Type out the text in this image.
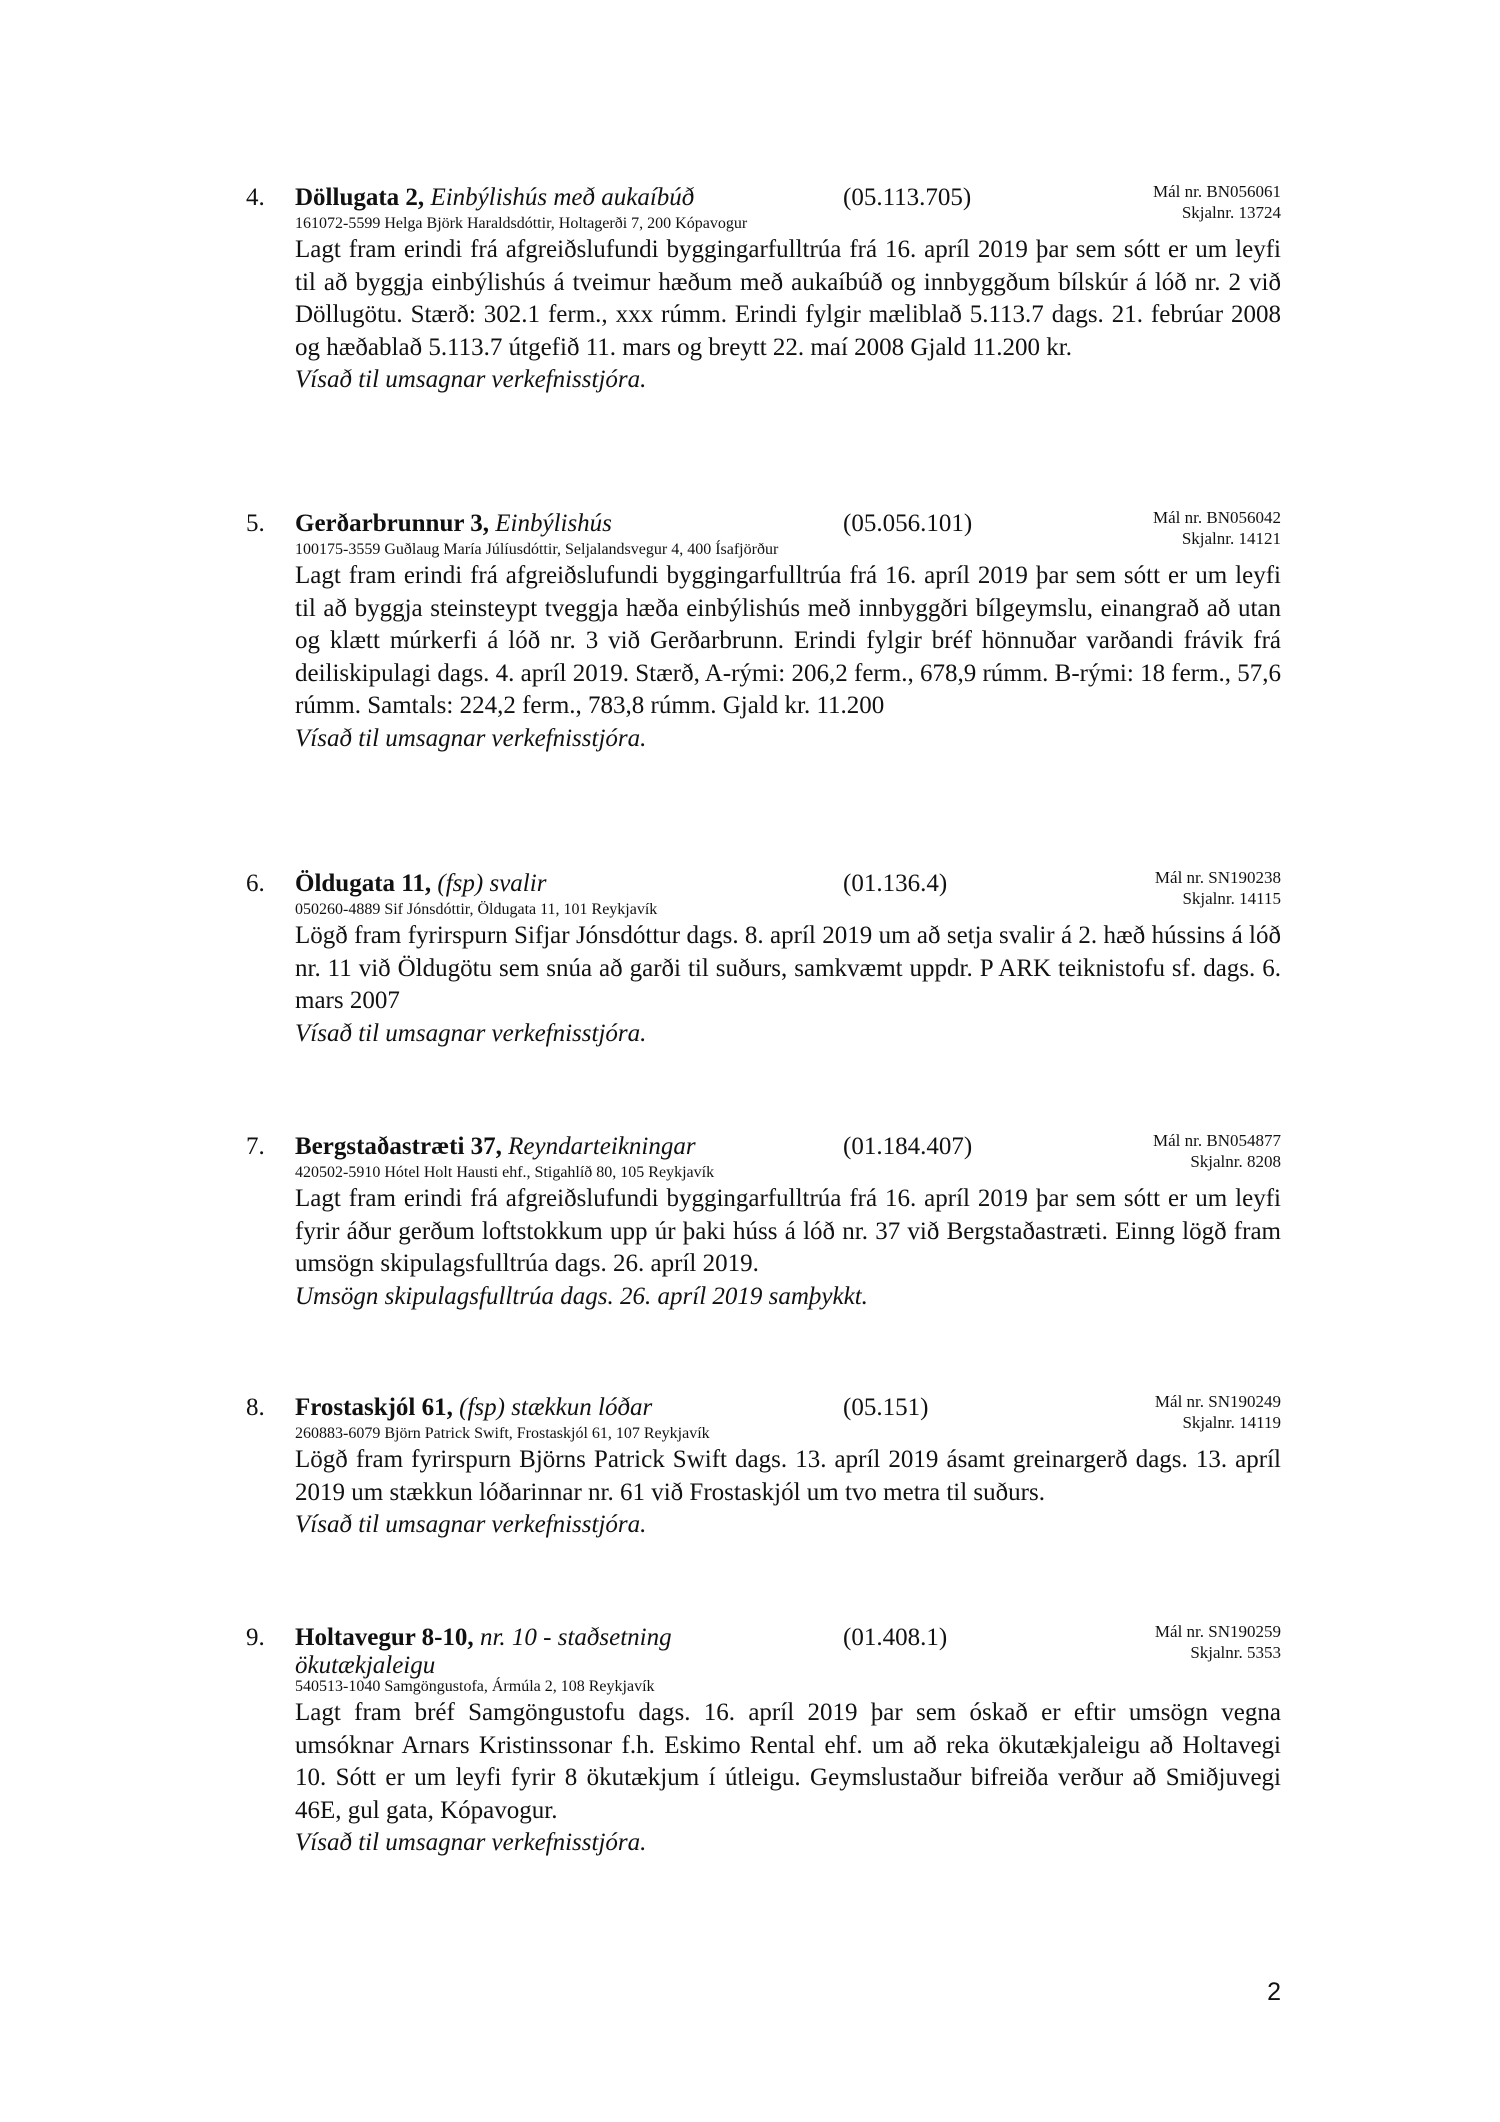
4. Döllugata 2, Einbýlishús með aukaíbúð	(05.113.705)	Mál nr. BN056061
Skjalnr. 13724
161072-5599 Helga Björk Haraldsdóttir, Holtagerði 7, 200 Kópavogur

Lagt fram erindi frá afgreiðslufundi byggingarfulltrúa frá 16. apríl 2019 þar sem sótt er um leyfi til að byggja einbýlishús á tveimur hæðum með aukaíbúð og innbyggðum bílskúr á lóð nr. 2 við Döllugötu. Stærð: 302.1 ferm., xxx rúmm. Erindi fylgir mæliblað 5.113.7 dags. 21. febrúar 2008 og hæðablað 5.113.7 útgefið 11. mars og breytt 22. maí 2008 Gjald 11.200 kr.

Vísað til umsagnar verkefnisstjóra.
5. Gerðarbrunnur 3, Einbýlishús	(05.056.101)	Mál nr. BN056042
Skjalnr. 14121
100175-3559 Guðlaug María Júlíusdóttir, Seljalandsvegur 4, 400 Ísafjörður

Lagt fram erindi frá afgreiðslufundi byggingarfulltrúa frá 16. apríl 2019 þar sem sótt er um leyfi til að byggja steinsteypt tveggja hæða einbýlishús með innbyggðri bílgeymslu, einangrað að utan og klætt múrkerfi á lóð nr. 3 við Gerðarbrunn. Erindi fylgir bréf hönnuðar varðandi frávik frá deiliskipulagi dags. 4. apríl 2019. Stærð, A-rými: 206,2 ferm., 678,9 rúmm. B-rými: 18 ferm., 57,6 rúmm. Samtals: 224,2 ferm., 783,8 rúmm. Gjald kr. 11.200

Vísað til umsagnar verkefnisstjóra.
6. Öldugata 11, (fsp) svalir	(01.136.4)	Mál nr. SN190238
Skjalnr. 14115
050260-4889 Sif Jónsdóttir, Öldugata 11, 101 Reykjavík

Lögð fram fyrirspurn Sifjar Jónsdóttur dags. 8. apríl 2019 um að setja svalir á 2. hæð hússins á lóð nr. 11 við Öldugötu sem snúa að garði til suðurs, samkvæmt uppdr. P ARK teiknistofu sf. dags. 6. mars 2007

Vísað til umsagnar verkefnisstjóra.
7. Bergstaðastræti 37, Reyndarteikningar	(01.184.407)	Mál nr. BN054877
Skjalnr. 8208
420502-5910 Hótel Holt Hausti ehf., Stigahlíð 80, 105 Reykjavík

Lagt fram erindi frá afgreiðslufundi byggingarfulltrúa frá 16. apríl 2019 þar sem sótt er um leyfi fyrir áður gerðum loftstokkum upp úr þaki húss á lóð nr. 37 við Bergstaðastræti. Einng lögð fram umsögn skipulagsfulltrúa dags. 26. apríl 2019.

Umsögn skipulagsfulltrúa dags. 26. apríl 2019 samþykkt.
8. Frostaskjól 61, (fsp) stækkun lóðar	(05.151)	Mál nr. SN190249
Skjalnr. 14119
260883-6079 Björn Patrick Swift, Frostaskjól 61, 107 Reykjavík

Lögð fram fyrirspurn Björns Patrick Swift dags. 13. apríl 2019 ásamt greinargerð dags. 13. apríl 2019 um stækkun lóðarinnar nr. 61 við Frostaskjól um tvo metra til suðurs.

Vísað til umsagnar verkefnisstjóra.
9. Holtavegur 8-10, nr. 10 - staðsetning ökutækjaleigu
(01.408.1)	Mál nr. SN190259
Skjalnr. 5353
540513-1040 Samgöngustofa, Ármúla 2, 108 Reykjavík

Lagt fram bréf Samgöngustofu dags. 16. apríl 2019 þar sem óskað er eftir umsögn vegna umsóknar Arnars Kristinssonar f.h. Eskimo Rental ehf. um að reka ökutækjaleigu að Holtavegi 10. Sótt er um leyfi fyrir 8 ökutækjum í útleigu. Geymslustaður bifreiða verður að Smiðjuvegi 46E, gul gata, Kópavogur.

Vísað til umsagnar verkefnisstjóra.
2
